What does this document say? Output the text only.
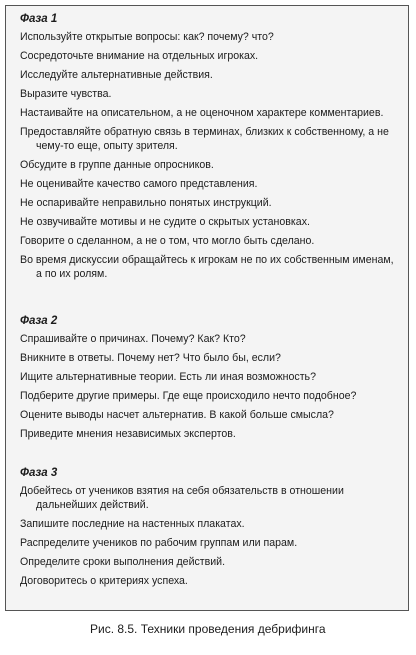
Фаза 1
Используйте открытые вопросы: как? почему? что?
Сосредоточьте внимание на отдельных игроках.
Исследуйте альтернативные действия.
Выразите чувства.
Настаивайте на описательном, а не оценочном характере комментариев.
Предоставляйте обратную связь в терминах, близких к собственному, а не чему-то еще, опыту зрителя.
Обсудите в группе данные опросников.
Не оценивайте качество самого представления.
Не оспаривайте неправильно понятых инструкций.
Не озвучивайте мотивы и не судите о скрытых установках.
Говорите о сделанном, а не о том, что могло быть сделано.
Во время дискуссии обращайтесь к игрокам не по их собственным именам, а по их ролям.
Фаза 2
Спрашивайте о причинах. Почему? Как? Кто?
Вникните в ответы. Почему нет? Что было бы, если?
Ищите альтернативные теории. Есть ли иная возможность?
Подберите другие примеры. Где еще происходило нечто подобное?
Оцените выводы насчет альтернатив. В какой больше смысла?
Приведите мнения независимых экспертов.
Фаза 3
Добейтесь от учеников взятия на себя обязательств в отношении дальнейших действий.
Запишите последние на настенных плакатах.
Распределите учеников по рабочим группам или парам.
Определите сроки выполнения действий.
Договоритесь о критериях успеха.
Рис. 8.5. Техники проведения дебрифинга
